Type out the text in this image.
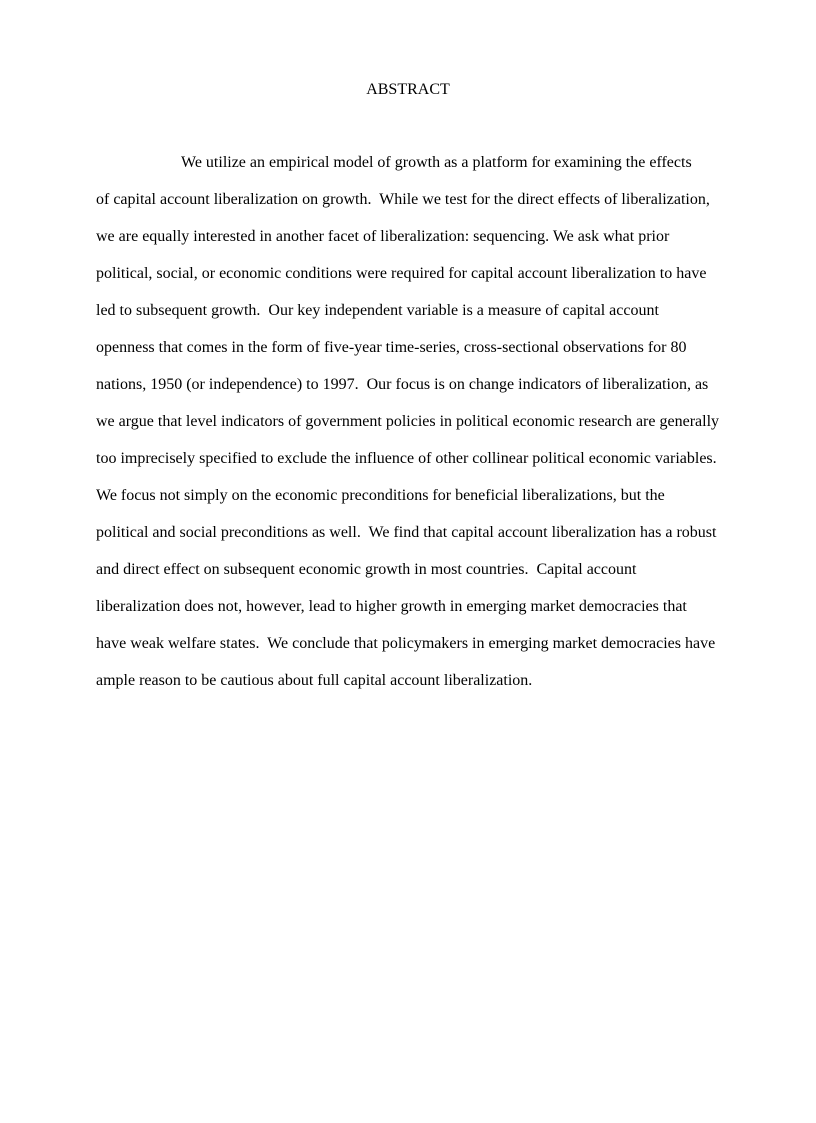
ABSTRACT
We utilize an empirical model of growth as a platform for examining the effects
of capital account liberalization on growth.  While we test for the direct effects of liberalization,
we are equally interested in another facet of liberalization: sequencing. We ask what prior
political, social, or economic conditions were required for capital account liberalization to have
led to subsequent growth.  Our key independent variable is a measure of capital account
openness that comes in the form of five-year time-series, cross-sectional observations for 80
nations, 1950 (or independence) to 1997.  Our focus is on change indicators of liberalization, as
we argue that level indicators of government policies in political economic research are generally
too imprecisely specified to exclude the influence of other collinear political economic variables.
We focus not simply on the economic preconditions for beneficial liberalizations, but the
political and social preconditions as well.  We find that capital account liberalization has a robust
and direct effect on subsequent economic growth in most countries.  Capital account
liberalization does not, however, lead to higher growth in emerging market democracies that
have weak welfare states.  We conclude that policymakers in emerging market democracies have
ample reason to be cautious about full capital account liberalization.
